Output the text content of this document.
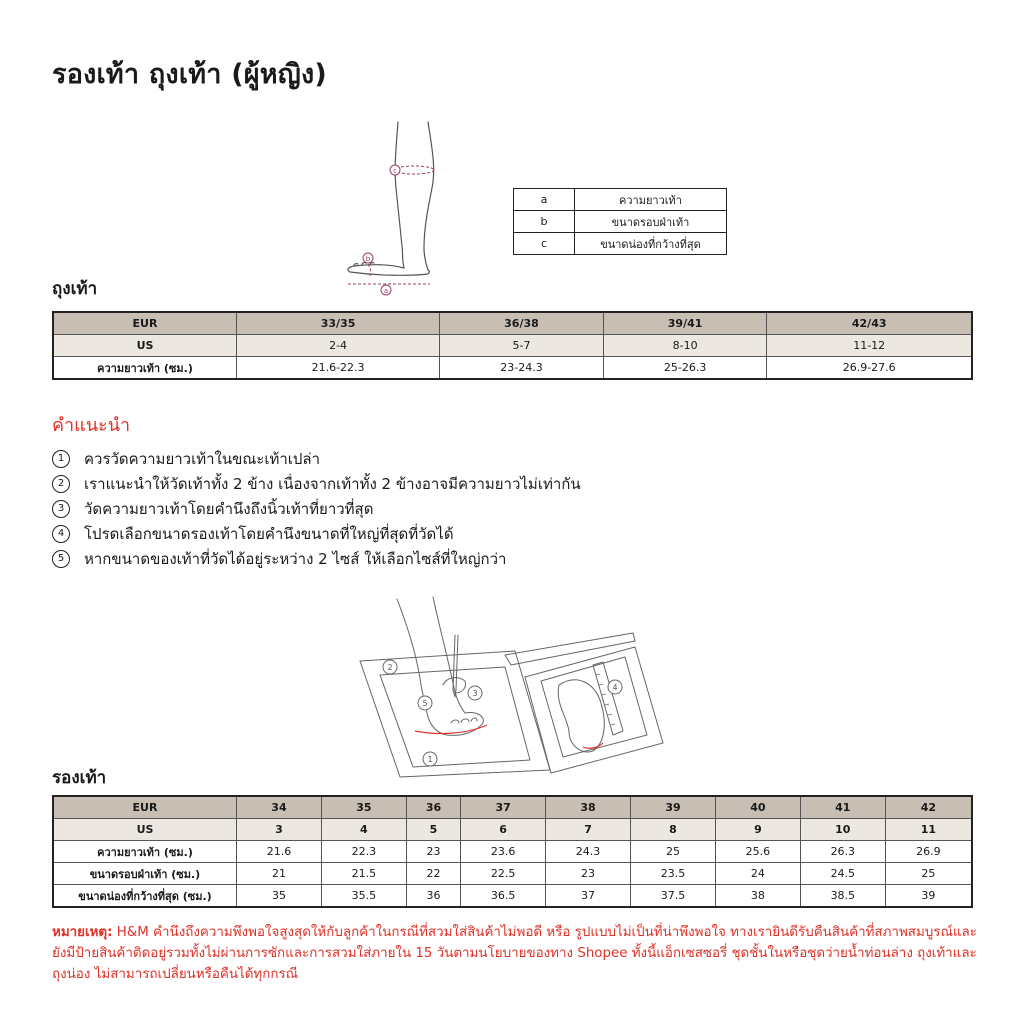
รองเท้า ถุงเท้า (ผู้หญิง)
c
b
a
a	ความยาวเท้า
b	ขนาดรอบฝ่าเท้า
c	ขนาดน่องที่กว้างที่สุด
ถุงเท้า
EUR	33/35	36/38	39/41	42/43
US	2-4	5-7	8-10	11-12
ความยาวเท้า (ซม.)	21.6-22.3	23-24.3	25-26.3	26.9-27.6
คำแนะนำ
1	ควรวัดความยาวเท้าในขณะเท้าเปล่า
2	เราแนะนำให้วัดเท้าทั้ง 2 ข้าง เนื่องจากเท้าทั้ง 2 ข้างอาจมีความยาวไม่เท่ากัน
3	วัดความยาวเท้าโดยคำนึงถึงนิ้วเท้าที่ยาวที่สุด
4	โปรดเลือกขนาดรองเท้าโดยคำนึงขนาดที่ใหญ่ที่สุดที่วัดได้
5	หากขนาดของเท้าที่วัดได้อยู่ระหว่าง 2 ไซส์ ให้เลือกไซส์ที่ใหญ่กว่า
1
2
3
4
5
รองเท้า
EUR	34	35	36	37	38	39	40	41	42
US	3	4	5	6	7	8	9	10	11
ความยาวเท้า (ซม.)	21.6	22.3	23	23.6	24.3	25	25.6	26.3	26.9
ขนาดรอบฝ่าเท้า (ซม.)	21	21.5	22	22.5	23	23.5	24	24.5	25
ขนาดน่องที่กว้างที่สุด (ซม.)	35	35.5	36	36.5	37	37.5	38	38.5	39
หมายเหตุ: H&M คำนึงถึงความพึงพอใจสูงสุดให้กับลูกค้าในกรณีที่สวมใส่สินค้าไม่พอดี หรือ รูปแบบไม่เป็นที่น่าพึงพอใจ ทางเรายินดีรับคืนสินค้าที่สภาพสมบูรณ์และยังมีป้ายสินค้าติดอยู่รวมทั้งไม่ผ่านการซักและการสวมใส่ภายใน 15 วันตามนโยบายของทาง Shopee ทั้งนี้แอ็กเซสซอรี่ ชุดชั้นในหรือชุดว่ายน้ำท่อนล่าง ถุงเท้าและถุงน่อง ไม่สามารถเปลี่ยนหรือคืนได้ทุกกรณี
